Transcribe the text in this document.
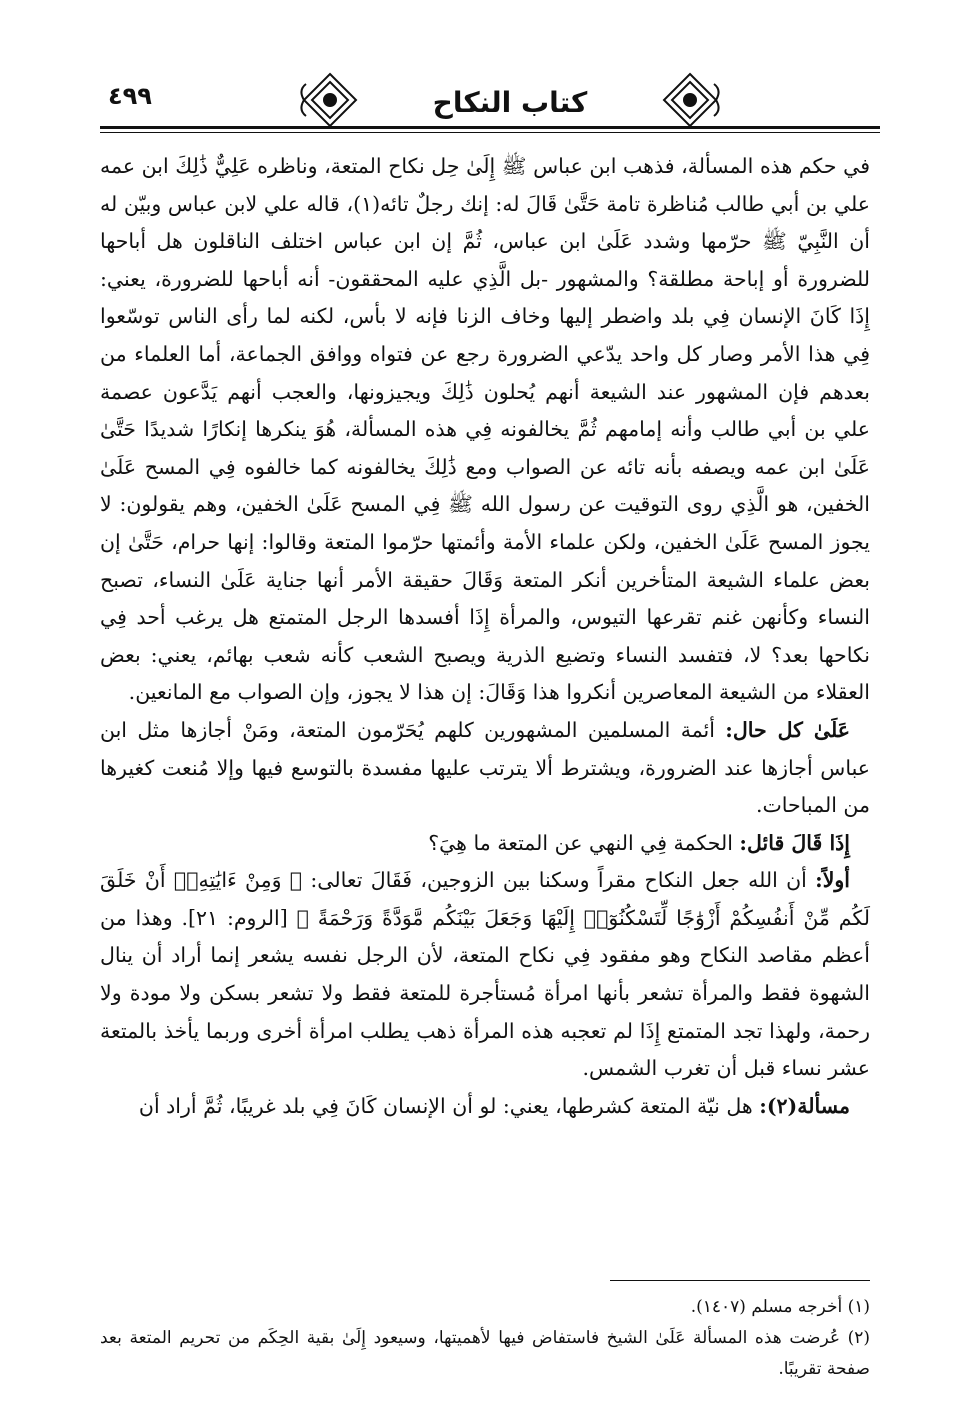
٤٩٩	كتاب النكاح

في حكم هذه المسألة، فذهب ابن عباس ﷺ إِلَىٰ حِل نكاح المتعة، وناظره عَلِيٌّ ذَٰلِكَ ابن عمه علي بن أبي طالب مُناظرة تامة حَتَّىٰ قَالَ له: إنك رجلٌ تائه(١)، قاله علي لابن عباس وبيّن له أن النَّبِيّ ﷺ حرّمها وشدد عَلَىٰ ابن عباس، ثُمَّ إن ابن عباس اختلف الناقلون هل أباحها للضرورة أو إباحة مطلقة؟ والمشهور -بل الَّذِي عليه المحققون- أنه أباحها للضرورة، يعني: إِذَا كَانَ الإنسان فِي بلد واضطر إليها وخاف الزنا فإنه لا بأس، لكنه لما رأى الناس توسّعوا فِي هذا الأمر وصار كل واحد يدّعي الضرورة رجع عن فتواه ووافق الجماعة، أما العلماء من بعدهم فإن المشهور عند الشيعة أنهم يُحلون ذَٰلِكَ ويجيزونها، والعجب أنهم يَدَّعون عصمة علي بن أبي طالب وأنه إمامهم ثُمَّ يخالفونه فِي هذه المسألة، هُوَ ينكرها إنكارًا شديدًا حَتَّىٰ عَلَىٰ ابن عمه ويصفه بأنه تائه عن الصواب ومع ذَٰلِكَ يخالفونه كما خالفوه فِي المسح عَلَىٰ الخفين، هو الَّذِي روى التوقيت عن رسول الله ﷺ فِي المسح عَلَىٰ الخفين، وهم يقولون: لا يجوز المسح عَلَىٰ الخفين، ولكن علماء الأمة وأئمتها حرّموا المتعة وقالوا: إنها حرام، حَتَّىٰ إن بعض علماء الشيعة المتأخرين أنكر المتعة وَقَالَ حقيقة الأمر أنها جناية عَلَىٰ النساء، تصبح النساء وكأنهن غنم تقرعها التيوس، والمرأة إِذَا أفسدها الرجل المتمتع هل يرغب أحد فِي نكاحها بعد؟ لا، فتفسد النساء وتضيع الذرية ويصبح الشعب كأنه شعب بهائم، يعني: بعض العقلاء من الشيعة المعاصرين أنكروا هذا وَقَالَ: إن هذا لا يجوز، وإن الصواب مع المانعين.

عَلَىٰ كل حال: أئمة المسلمين المشهورين كلهم يُحَرّمون المتعة، ومَنْ أجازها مثل ابن عباس أجازها عند الضرورة، ويشترط ألا يترتب عليها مفسدة بالتوسع فيها وإلا مُنعت كغيرها من المباحات.

إِذَا قَالَ قائل: الحكمة فِي النهي عن المتعة ما هِيَ؟

أولاً: أن الله جعل النكاح مقراً وسكنا بين الزوجين، فَقَالَ تعالى: ﴿ وَمِنْ ءَايَٰتِهِۦٓ أَنْ خَلَقَ لَكُم مِّنْ أَنفُسِكُمْ أَزْوَٰجًا لِّتَسْكُنُوٓا۟ إِلَيْهَا وَجَعَلَ بَيْنَكُم مَّوَدَّةً وَرَحْمَةً ﴾ [الروم: ٢١]. وهذا من أعظم مقاصد النكاح وهو مفقود فِي نكاح المتعة، لأن الرجل نفسه يشعر إنما أراد أن ينال الشهوة فقط والمرأة تشعر بأنها امرأة مُستأجرة للمتعة فقط ولا تشعر بسكن ولا مودة ولا رحمة، ولهذا تجد المتمتع إِذَا لم تعجبه هذه المرأة ذهب يطلب امرأة أخرى وربما يأخذ بالمتعة عشر نساء قبل أن تغرب الشمس.

مسألة(٢): هل نيّة المتعة كشرطها، يعني: لو أن الإنسان كَانَ فِي بلد غريبًا، ثُمَّ أراد أن

(١) أخرجه مسلم (١٤٠٧).

(٢) عُرضت هذه المسألة عَلَىٰ الشيخ فاستفاض فيها لأهميتها، وسيعود إِلَىٰ بقية الحِكَم من تحريم المتعة بعد صفحة تقريبًا.
